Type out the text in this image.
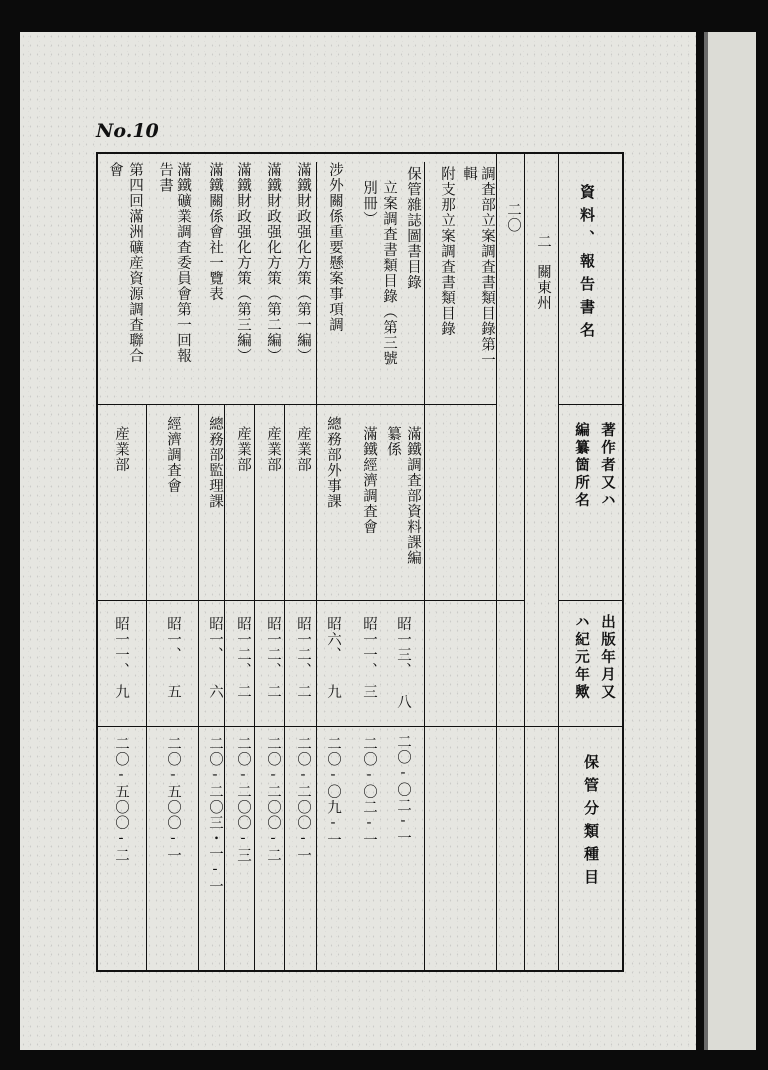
No.10
資料、報告書名
著作者又ハ
編纂箇所名
出版年月又
ハ紀元年歟
保管分類種目
二
關東州
二〇
調査部立案調査書類目錄第一
輯
附支那立案調査書類目錄
保管雜誌圖書目錄
滿鐵調査部資料課編
纂係
昭一三、
八
二〇-〇二-一
立案調査書類目錄（第三號
別冊）
滿鐵經濟調査會
昭一一、
三
二〇-〇二-一
涉外關係重要懸案事項調
總務部外事課
昭六、
九
二〇-〇九-一
滿鐵財政强化方策（第一編）
産業部
昭一二、
二
二〇-二〇〇-一
滿鐵財政强化方策（第二編）
産業部
昭一二、
二
二〇-二〇〇-二
滿鐵財政强化方策（第三編）
産業部
昭一二、
二
二〇-二〇〇-三
滿鐵關係會社一覽表
總務部監理課
昭一、
六
二〇-二〇三・一-一
滿鐵礦業調査委員會第一回報
告書
經濟調査會
昭一、
五
二〇-五〇〇-一
第四回滿洲礦産資源調査聯合
會
産業部
昭一一、
九
二〇-五〇〇-二
